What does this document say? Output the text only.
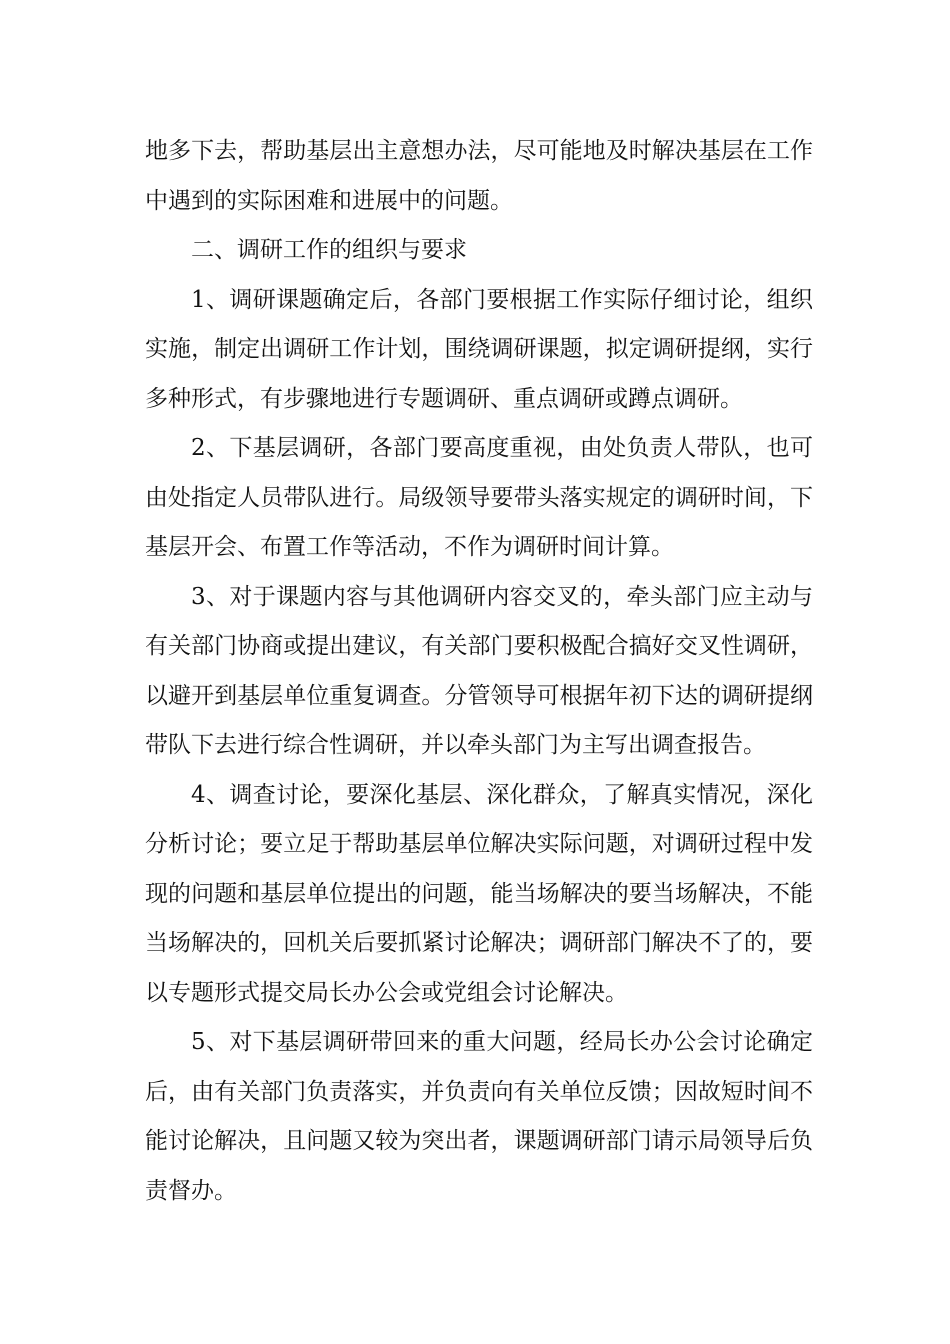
地多下去，帮助基层出主意想办法，尽可能地及时解决基层在工作中遇到的实际困难和进展中的问题。

二、调研工作的组织与要求

1、调研课题确定后，各部门要根据工作实际仔细讨论，组织实施，制定出调研工作计划，围绕调研课题，拟定调研提纲，实行多种形式，有步骤地进行专题调研、重点调研或蹲点调研。

2、下基层调研，各部门要高度重视，由处负责人带队，也可由处指定人员带队进行。局级领导要带头落实规定的调研时间，下基层开会、布置工作等活动，不作为调研时间计算。

3、对于课题内容与其他调研内容交叉的，牵头部门应主动与有关部门协商或提出建议，有关部门要积极配合搞好交叉性调研，以避开到基层单位重复调查。分管领导可根据年初下达的调研提纲带队下去进行综合性调研，并以牵头部门为主写出调查报告。

4、调查讨论，要深化基层、深化群众，了解真实情况，深化分析讨论；要立足于帮助基层单位解决实际问题，对调研过程中发现的问题和基层单位提出的问题，能当场解决的要当场解决，不能当场解决的，回机关后要抓紧讨论解决；调研部门解决不了的，要以专题形式提交局长办公会或党组会讨论解决。

5、对下基层调研带回来的重大问题，经局长办公会讨论确定后，由有关部门负责落实，并负责向有关单位反馈；因故短时间不能讨论解决，且问题又较为突出者，课题调研部门请示局领导后负责督办。
